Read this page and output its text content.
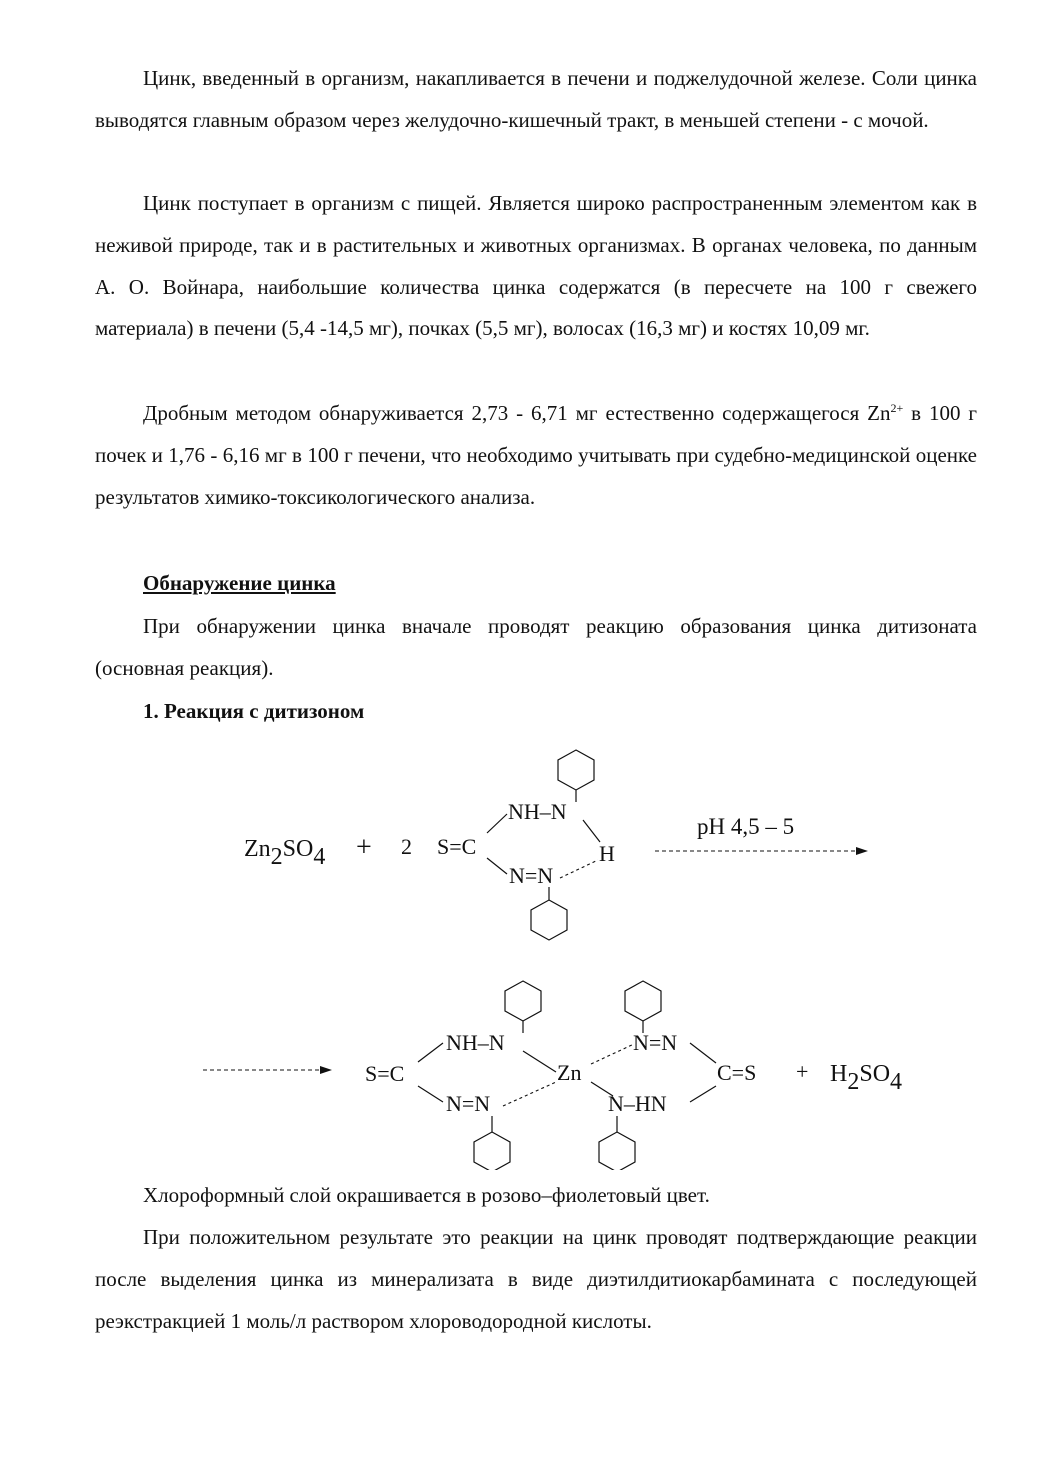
Цинк, введенный в организм, накапливается в печени и поджелудочной железе. Соли цинка выводятся главным образом через желудочно-кишечный тракт, в меньшей степени - с мочой.

Цинк поступает в организм с пищей. Является широко распространенным элементом как в неживой природе, так и в растительных и животных организмах. В органах человека, по данным А. О. Войнара, наибольшие количества цинка содержатся (в пересчете на 100 г свежего материала) в печени (5,4 -14,5 мг), почках (5,5 мг), волосах (16,3 мг) и костях 10,09 мг.

Дробным методом обнаруживается 2,73 - 6,71 мг естественно содержащегося $Zn^{2+}$ в 100 г почек и 1,76 - 6,16 мг в 100 г печени, что необходимо учитывать при судебно-медицинской оценке результатов химико-токсикологического анализа.

Обнаружение цинка

При обнаружении цинка вначале проводят реакцию образования цинка дитизоната (основная реакция).

1. Реакция с дитизоном

Zn2SO4 + 2 S=C
NH–N
N=N
H
pH 4,5 – 5
S=C
NH–N
N=N
Zn
N=N
N–HN
C=S + H2SO4

Хлороформный слой окрашивается в розово–фиолетовый цвет.

При положительном результате это реакции на цинк проводят подтверждающие реакции после выделения цинка из минерализата в виде диэтилдитиокарбамината с последующей реэкстракцией 1 моль/л раствором хлороводородной кислоты.
